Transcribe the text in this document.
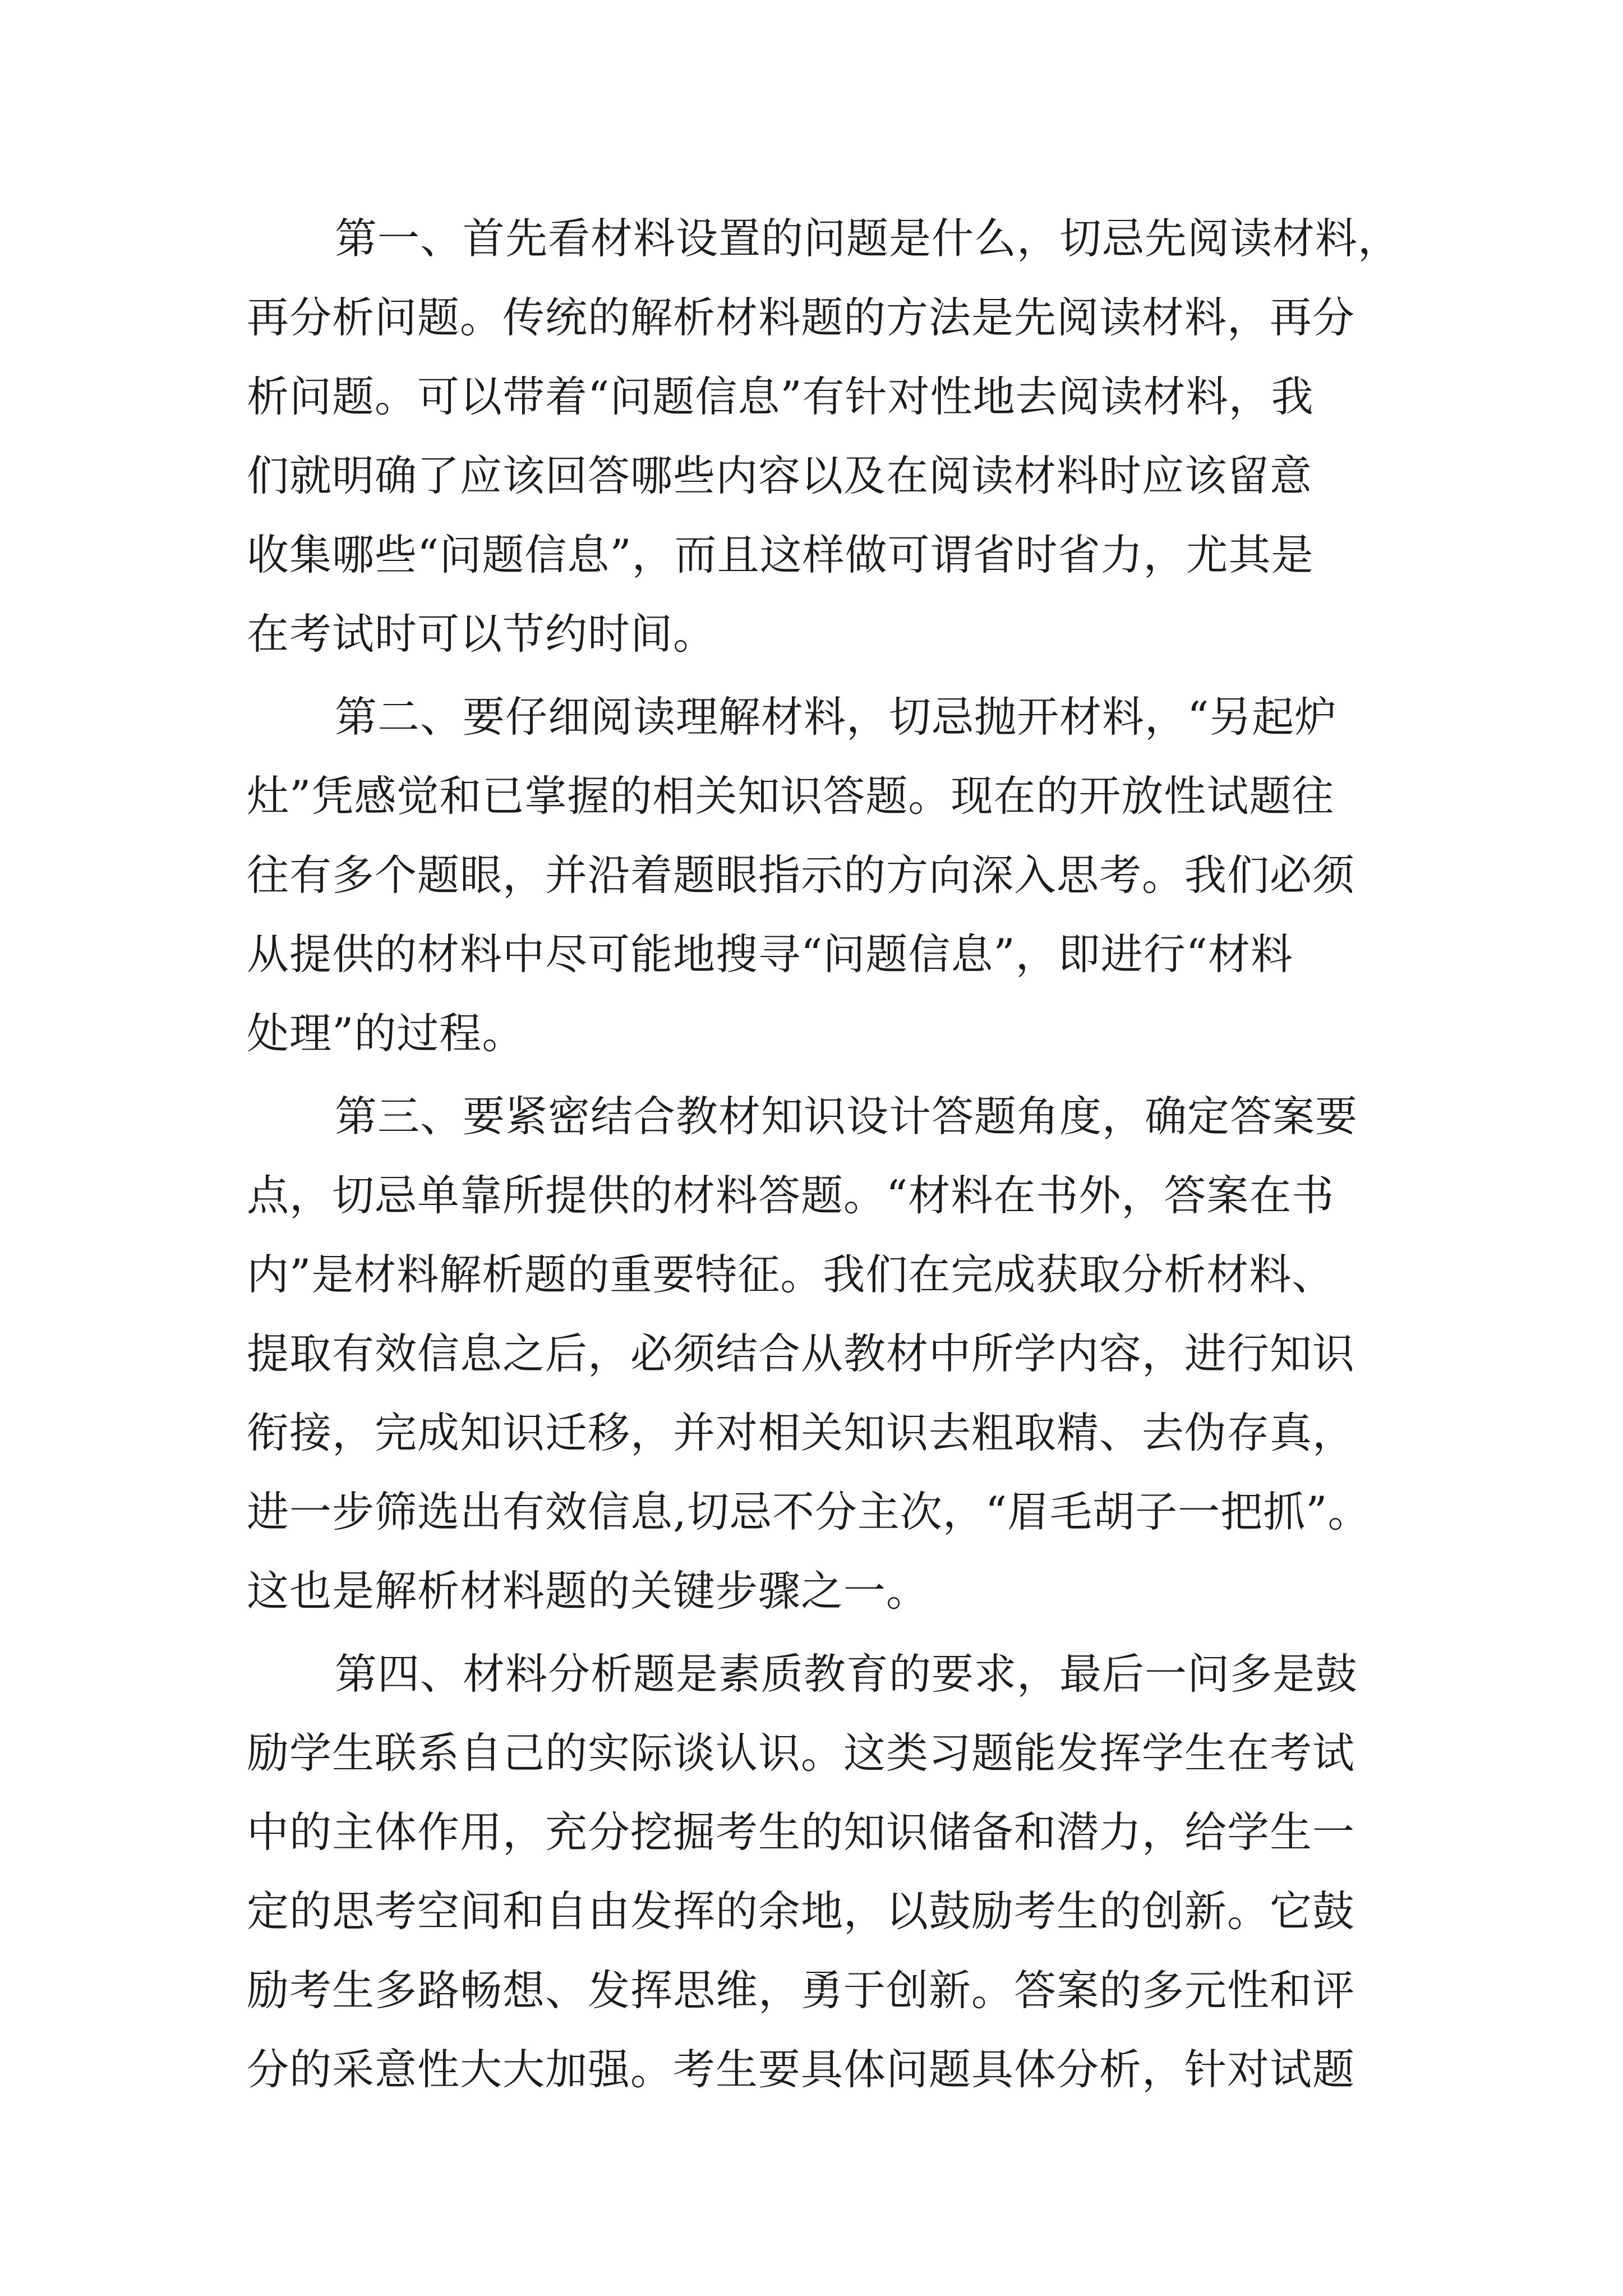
第一、首先看材料设置的问题是什么，切忌先阅读材料，
再分析问题。传统的解析材料题的方法是先阅读材料，再分
析问题。可以带着“问题信息”有针对性地去阅读材料，我
们就明确了应该回答哪些内容以及在阅读材料时应该留意
收集哪些“问题信息”，而且这样做可谓省时省力，尤其是
在考试时可以节约时间。
第二、要仔细阅读理解材料，切忌抛开材料，“另起炉
灶”凭感觉和已掌握的相关知识答题。现在的开放性试题往
往有多个题眼，并沿着题眼指示的方向深入思考。我们必须
从提供的材料中尽可能地搜寻“问题信息”，即进行“材料
处理”的过程。
第三、要紧密结合教材知识设计答题角度，确定答案要
点，切忌单靠所提供的材料答题。“材料在书外，答案在书
内”是材料解析题的重要特征。我们在完成获取分析材料、
提取有效信息之后，必须结合从教材中所学内容，进行知识
衔接，完成知识迁移，并对相关知识去粗取精、去伪存真，
进一步筛选出有效信息,切忌不分主次，“眉毛胡子一把抓”。
这也是解析材料题的关键步骤之一。
第四、材料分析题是素质教育的要求，最后一问多是鼓
励学生联系自己的实际谈认识。这类习题能发挥学生在考试
中的主体作用，充分挖掘考生的知识储备和潜力，给学生一
定的思考空间和自由发挥的余地，以鼓励考生的创新。它鼓
励考生多路畅想、发挥思维，勇于创新。答案的多元性和评
分的采意性大大加强。考生要具体问题具体分析，针对试题
